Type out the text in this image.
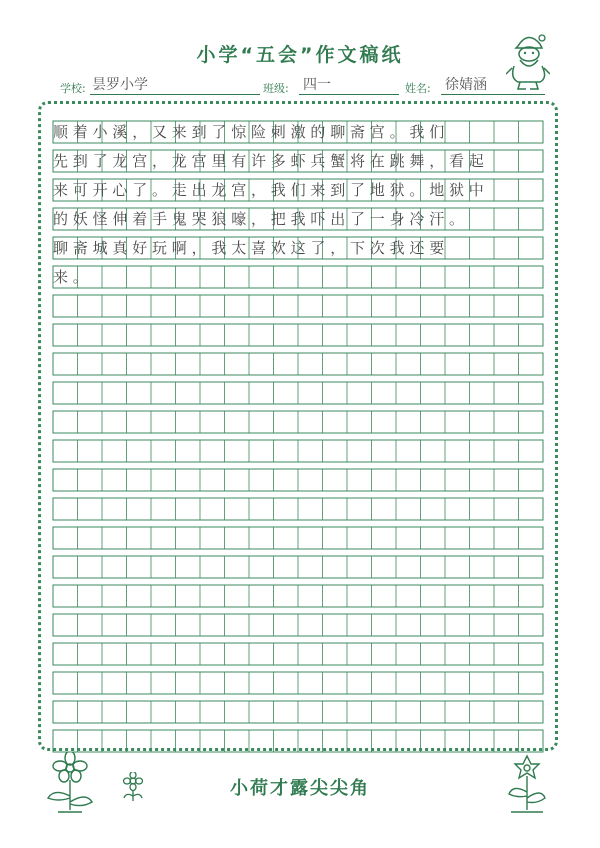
小学“五会”作文稿纸
学校: 昙罗小学	班级: 四一	姓名: 徐婧涵
顺着小溪，又来到了惊险刺激的聊斋宫。我们
先到了龙宫，龙宫里有许多虾兵蟹将在跳舞，看起
来可开心了。走出龙宫，我们来到了地狱。地狱中
的妖怪伸着手鬼哭狼嚎，把我吓出了一身冷汗。
聊斋城真好玩啊，我太喜欢这了，下次我还要
来。
小荷才露尖尖角
